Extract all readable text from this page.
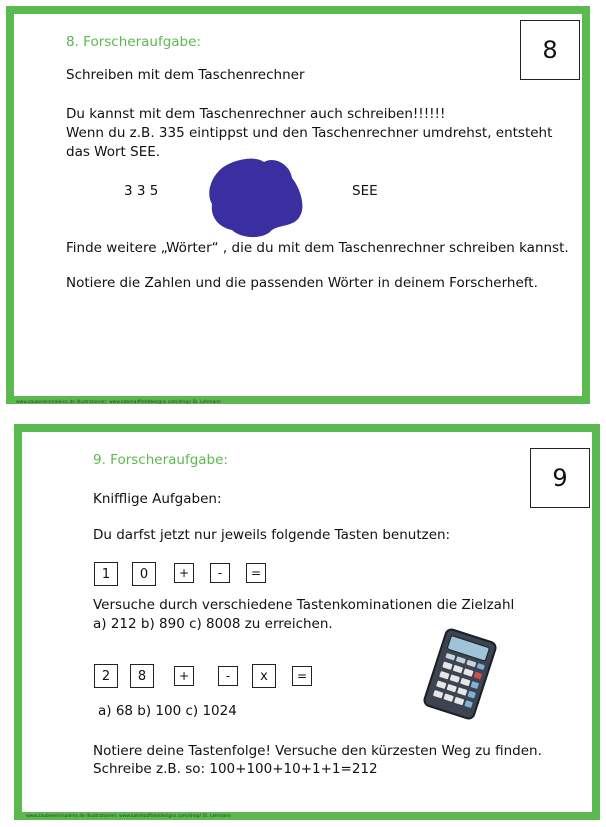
8
8. Forscheraufgabe:
Schreiben mit dem Taschenrechner
Du kannst mit dem Taschenrechner auch schreiben!!!!!!
Wenn du z.B. 335 eintippst und den Taschenrechner umdrehst, entsteht
das Wort SEE.
3 3 5	SEE
Finde weitere „Wörter“ , die du mit dem Taschenrechner schreiben kannst.
Notiere die Zahlen und die passenden Wörter in deinem Forscherheft.
www.zaubereinmaleins.de Illustrationen: www.katehadfielddesigns.com/shop/ St. Lehmann
9
9. Forscheraufgabe:
Knifflige Aufgaben:
Du darfst jetzt nur jeweils folgende Tasten benutzen:
1	0	+	-	=
Versuche durch verschiedene Tastenkominationen die Zielzahl
a) 212 b) 890 c) 8008 zu erreichen.
2	8	+	-	x	=
a) 68 b) 100 c) 1024
Notiere deine Tastenfolge! Versuche den kürzesten Weg zu finden.
Schreibe z.B. so: 100+100+10+1+1=212
www.zaubereinmaleins.de Illustrationen: www.katehadfielddesigns.com/shop/ St. Lehmann
